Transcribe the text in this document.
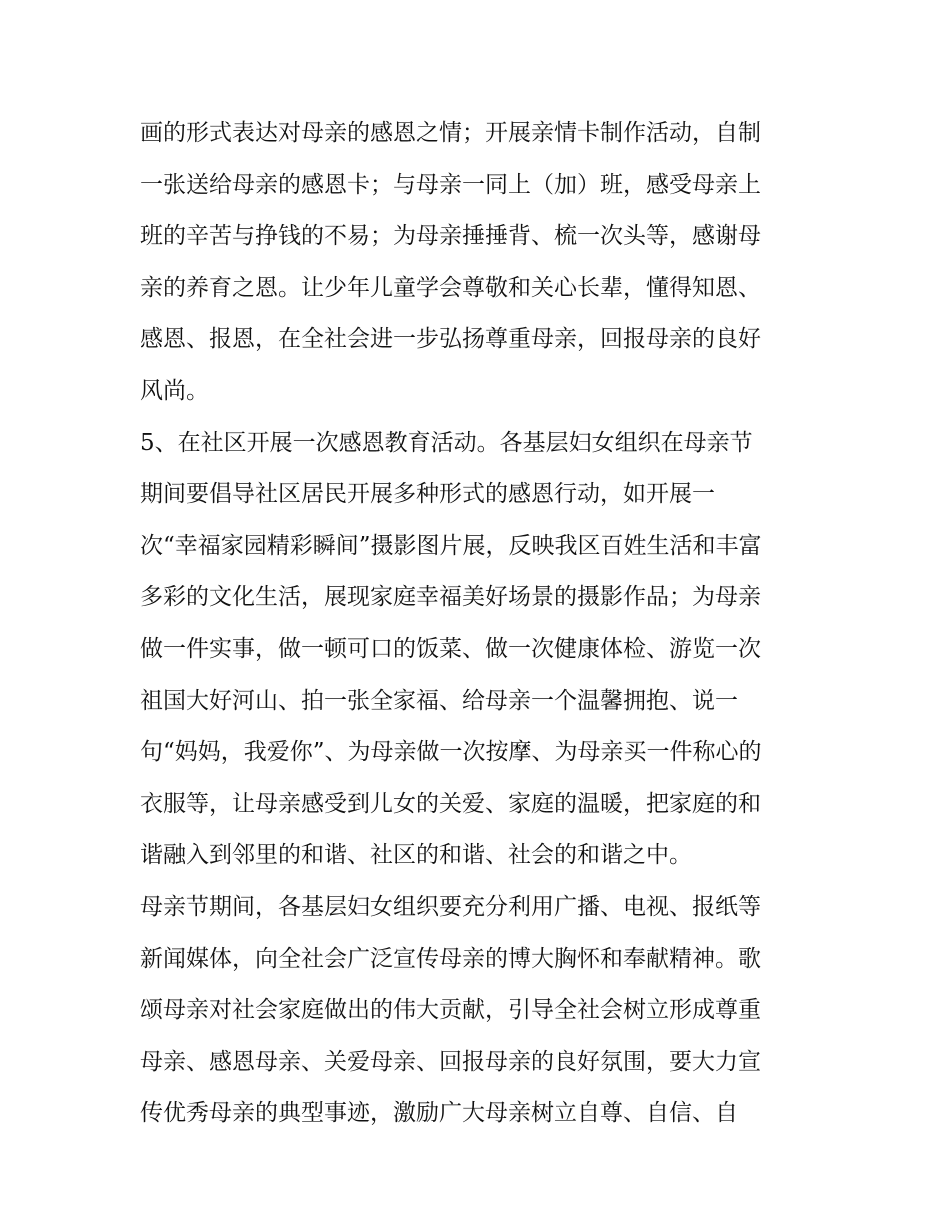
画的形式表达对母亲的感恩之情；开展亲情卡制作活动，自制
一张送给母亲的感恩卡；与母亲一同上（加）班，感受母亲上
班的辛苦与挣钱的不易；为母亲捶捶背、梳一次头等，感谢母
亲的养育之恩。让少年儿童学会尊敬和关心长辈，懂得知恩、
感恩、报恩，在全社会进一步弘扬尊重母亲，回报母亲的良好
风尚。
5、在社区开展一次感恩教育活动。各基层妇女组织在母亲节
期间要倡导社区居民开展多种形式的感恩行动，如开展一
次“幸福家园精彩瞬间”摄影图片展，反映我区百姓生活和丰富
多彩的文化生活，展现家庭幸福美好场景的摄影作品；为母亲
做一件实事，做一顿可口的饭菜、做一次健康体检、游览一次
祖国大好河山、拍一张全家福、给母亲一个温馨拥抱、说一
句“妈妈，我爱你”、为母亲做一次按摩、为母亲买一件称心的
衣服等，让母亲感受到儿女的关爱、家庭的温暖，把家庭的和
谐融入到邻里的和谐、社区的和谐、社会的和谐之中。
母亲节期间，各基层妇女组织要充分利用广播、电视、报纸等
新闻媒体，向全社会广泛宣传母亲的博大胸怀和奉献精神。歌
颂母亲对社会家庭做出的伟大贡献，引导全社会树立形成尊重
母亲、感恩母亲、关爱母亲、回报母亲的良好氛围，要大力宣
传优秀母亲的典型事迹，激励广大母亲树立自尊、自信、自
